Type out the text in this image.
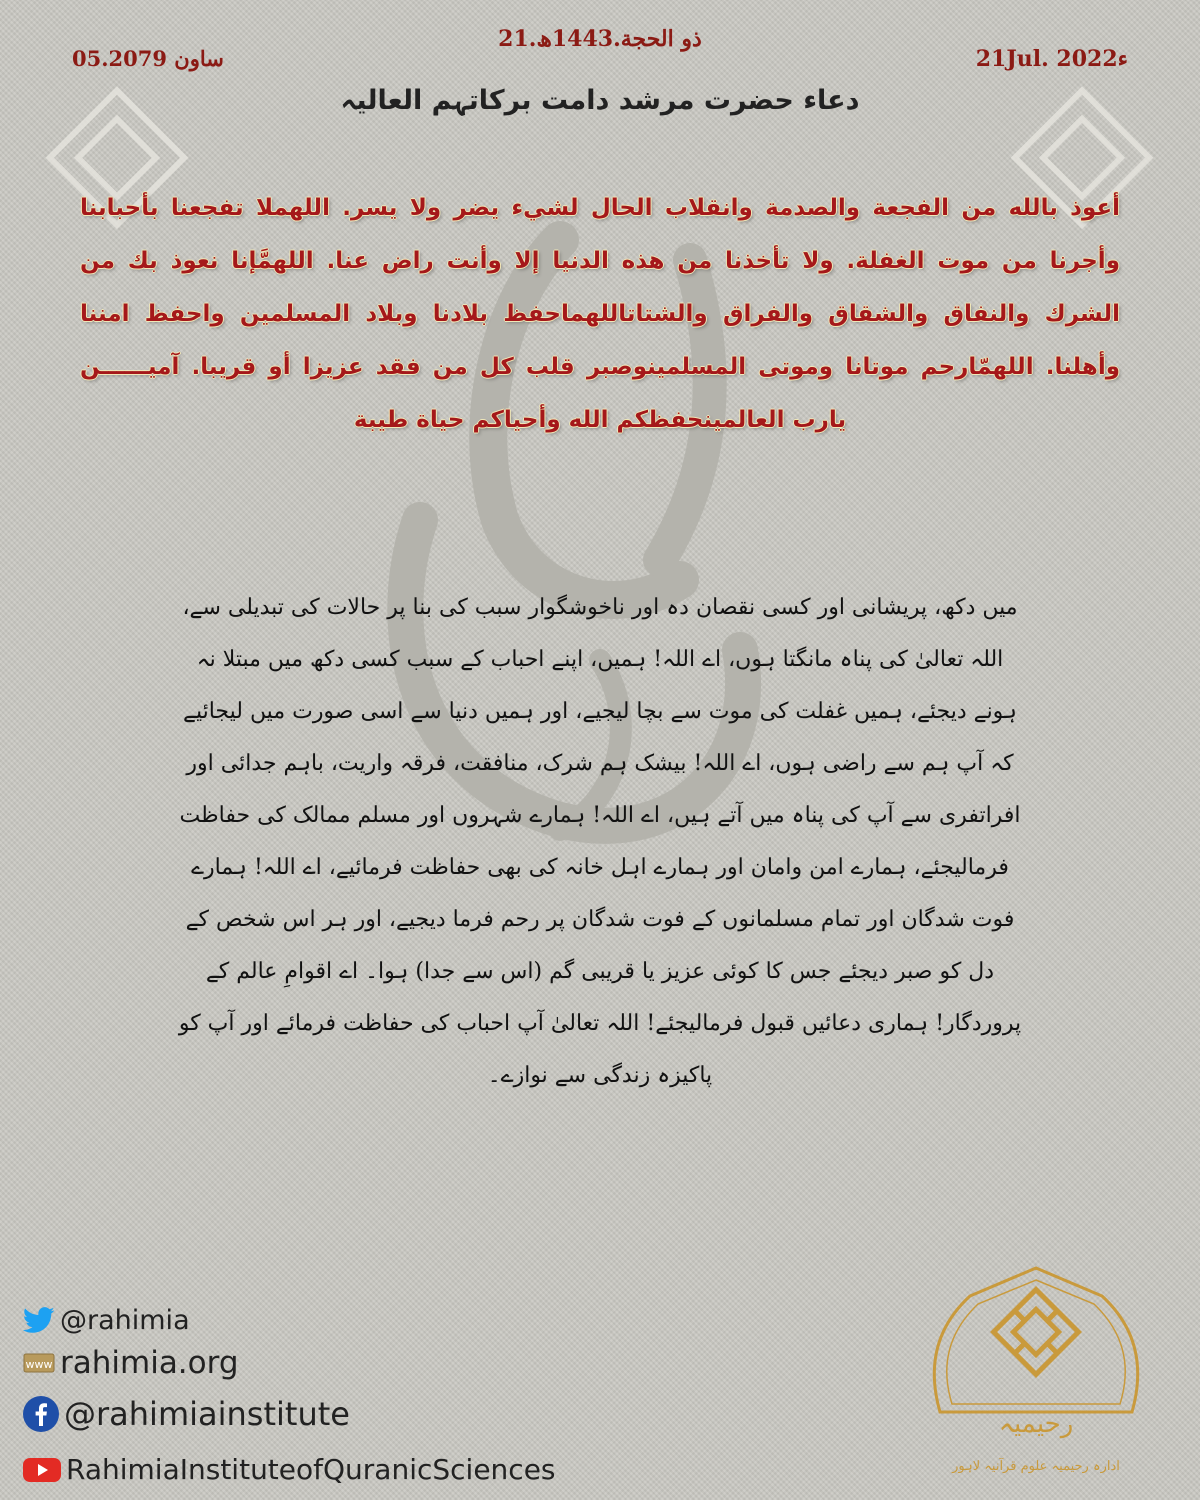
21.ذو الحجة.1443ھ
21Jul. 2022ء
05.ساون 2079
دعاء حضرت مرشد دامت برکاتہم العالیہ
أعوذ بالله من الفجعة والصدمة وانقلاب الحال لشيء يضر ولا يسر. اللهملا تفجعنا بأحبابنا وأجرنا من موت الغفلة. ولا تأخذنا من هذه الدنيا إلا وأنت راض عنا. اللهمَّإنا نعوذ بك من الشرك والنفاق والشقاق والفراق والشتاتاللهماحفظ بلادنا وبلاد المسلمين واحفظ امننا وأهلنا. اللهمّارحم موتانا وموتى المسلمينوصبر قلب كل من فقد عزيزا أو قريبا. آميــــــن يارب العالمينحفظكم الله وأحياكم حياة طيبة
میں دکھ، پریشانی اور کسی نقصان دہ اور ناخوشگوار سبب کی بنا پر حالات کی تبدیلی سے، اللہ تعالیٰ کی پناہ مانگتا ہوں، اے اللہ! ہمیں، اپنے احباب کے سبب کسی دکھ میں مبتلا نہ ہونے دیجئے، ہمیں غفلت کی موت سے بچا لیجیے، اور ہمیں دنیا سے اسی صورت میں لیجائیے کہ آپ ہم سے راضی ہوں، اے اللہ! بیشک ہم شرک، منافقت، فرقہ واریت، باہم جدائی اور افراتفری سے آپ کی پناہ میں آتے ہیں، اے اللہ! ہمارے شہروں اور مسلم ممالک کی حفاظت فرمالیجئے، ہمارے امن وامان اور ہمارے اہل خانہ کی بھی حفاظت فرمائیے، اے اللہ! ہمارے فوت شدگان اور تمام مسلمانوں کے فوت شدگان پر رحم فرما دیجیے، اور ہر اس شخص کے دل کو صبر دیجئے جس کا کوئی عزیز یا قریبی گم (اس سے جدا) ہوا۔ اے اقوامِ عالم کے پروردگار! ہماری دعائیں قبول فرمالیجئے! اللہ تعالیٰ آپ احباب کی حفاظت فرمائے اور آپ کو پاکیزہ زندگی سے نوازے۔
@rahimia
www rahimia.org
@rahimiainstitute
RahimiaInstituteofQuranicSciences
رحیمیہ
ادارہ رحیمیہ علوم قرآنیہ لاہور
